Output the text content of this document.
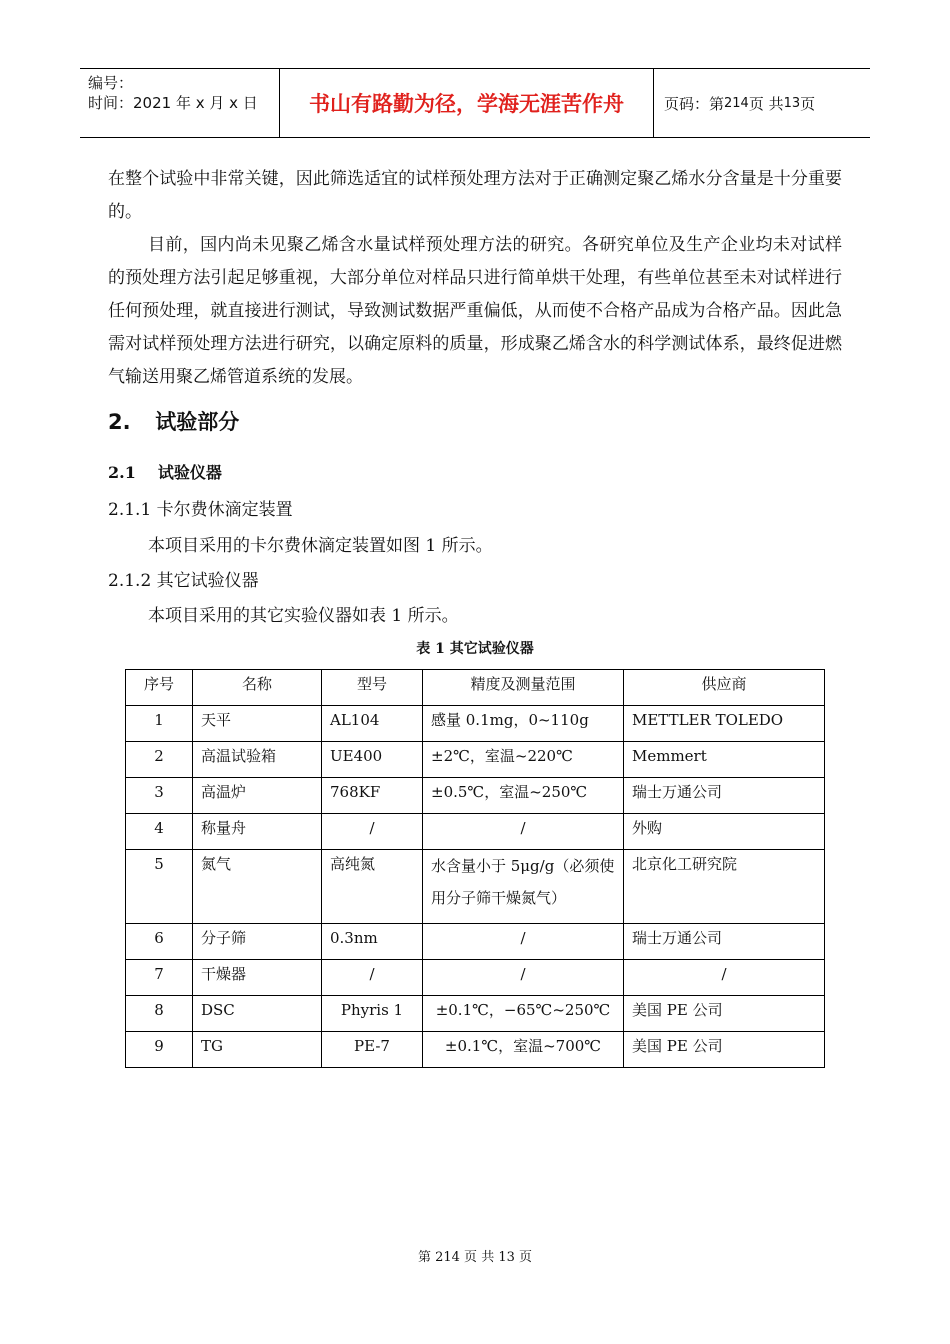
编号：
时间：2021 年 x 月 x 日	书山有路勤为径，学海无涯苦作舟	页码：第 214 页 共 13 页

在整个试验中非常关键，因此筛选适宜的试样预处理方法对于正确测定聚乙烯水分含量是十分重要的。

目前，国内尚未见聚乙烯含水量试样预处理方法的研究。各研究单位及生产企业均未对试样的预处理方法引起足够重视，大部分单位对样品只进行简单烘干处理，有些单位甚至未对试样进行任何预处理，就直接进行测试，导致测试数据严重偏低，从而使不合格产品成为合格产品。因此急需对试样预处理方法进行研究，以确定原料的质量，形成聚乙烯含水的科学测试体系，最终促进燃气输送用聚乙烯管道系统的发展。

2. 试验部分
2.1 试验仪器
2.1.1 卡尔费休滴定装置
本项目采用的卡尔费休滴定装置如图 1 所示。
2.1.2 其它试验仪器
本项目采用的其它实验仪器如表 1 所示。
表 1 其它试验仪器
序号	名称	型号	精度及测量范围	供应商
1	天平	AL104	感量 0.1mg，0~110g	METTLER TOLEDO
2	高温试验箱	UE400	±2℃，室温~220℃	Memmert
3	高温炉	768KF	±0.5℃，室温~250℃	瑞士万通公司
4	称量舟	/	/	外购
5	氮气	高纯氮	水含量小于 5μg/g（必须使用分子筛干燥氮气）	北京化工研究院
6	分子筛	0.3nm	/	瑞士万通公司
7	干燥器	/	/	/
8	DSC	Phyris 1	±0.1℃，−65℃~250℃	美国 PE 公司
9	TG	PE-7	±0.1℃，室温~700℃	美国 PE 公司
第 214 页 共 13 页
